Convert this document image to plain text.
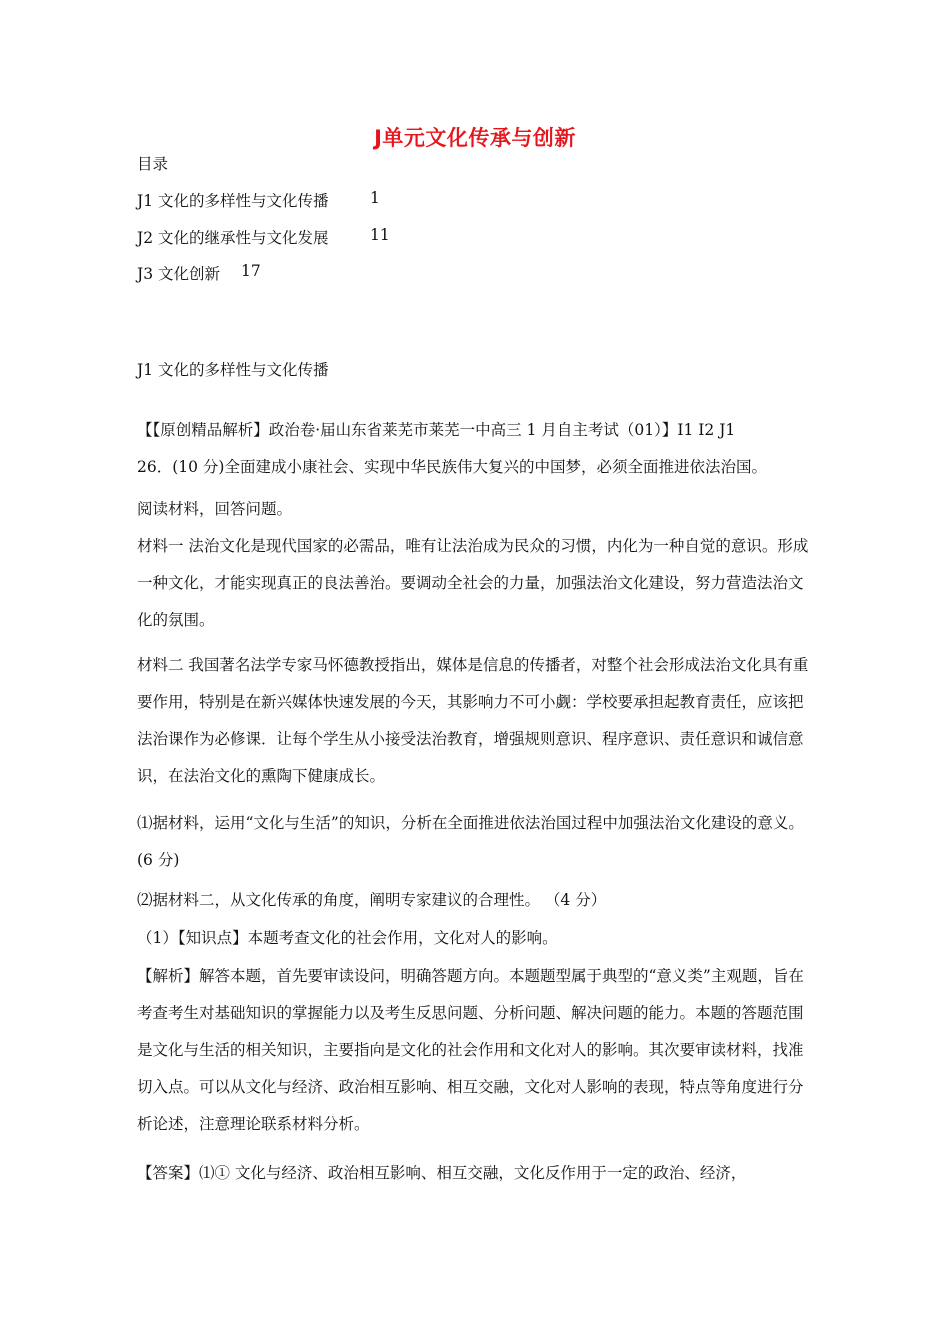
J单元文化传承与创新
目录
J1 文化的多样性与文化传播	1
J2 文化的继承性与文化发展	11
J3 文化创新 17
J1 文化的多样性与文化传播
【【原创精品解析】政治卷·届山东省莱芜市莱芜一中高三 1 月自主考试（01）】I1 I2 J1
26．(10 分)全面建成小康社会、实现中华民族伟大复兴的中国梦，必须全面推进依法治国。
阅读材料，回答问题。
材料一 法治文化是现代国家的必需品，唯有让法治成为民众的习惯，内化为一种自觉的意识。形成一种文化，才能实现真正的良法善治。要调动全社会的力量，加强法治文化建设，努力营造法治文化的氛围。
材料二 我国著名法学专家马怀德教授指出，媒体是信息的传播者，对整个社会形成法治文化具有重要作用，特别是在新兴媒体快速发展的今天，其影响力不可小觑：学校要承担起教育责任，应该把法治课作为必修课．让每个学生从小接受法治教育，增强规则意识、程序意识、责任意识和诚信意识，在法治文化的熏陶下健康成长。
⑴据材料，运用“文化与生活”的知识，分析在全面推进依法治国过程中加强法治文化建设的意义。(6 分)
⑵据材料二，从文化传承的角度，阐明专家建议的合理性。 （4 分）
（1）【知识点】本题考查文化的社会作用，文化对人的影响。
【解析】解答本题，首先要审读设问，明确答题方向。本题题型属于典型的“意义类”主观题，旨在考查考生对基础知识的掌握能力以及考生反思问题、分析问题、解决问题的能力。本题的答题范围是文化与生活的相关知识，主要指向是文化的社会作用和文化对人的影响。其次要审读材料，找准切入点。可以从文化与经济、政治相互影响、相互交融，文化对人影响的表现，特点等角度进行分析论述，注意理论联系材料分析。
【答案】⑴① 文化与经济、政治相互影响、相互交融，文化反作用于一定的政治、经济，
